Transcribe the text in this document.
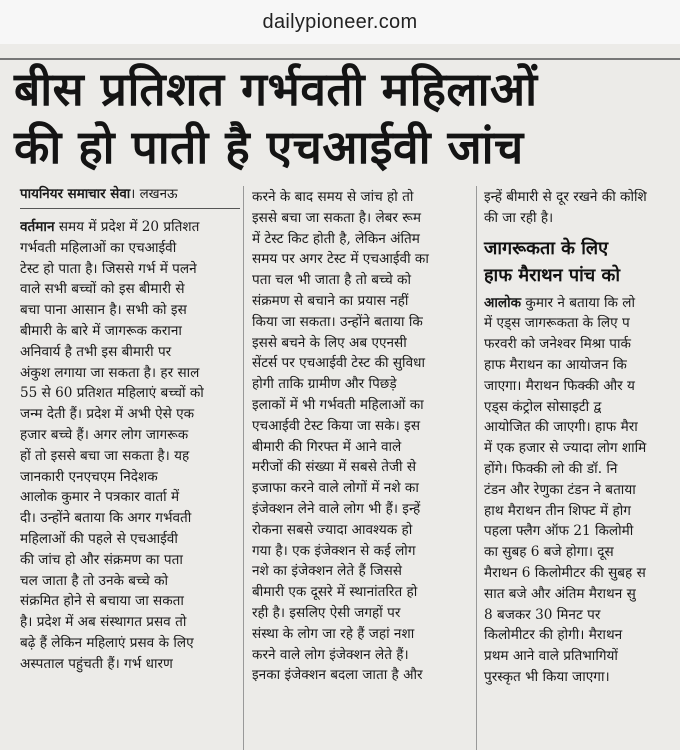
dailypioneer.com
बीस प्रतिशत गर्भवती महिलाओं
की हो पाती है एचआईवी जांच
पायनियर समाचार सेवा। लखनऊ
वर्तमान समय में प्रदेश में 20 प्रतिशत
गर्भवती महिलाओं का एचआईवी
टेस्ट हो पाता है। जिससे गर्भ में पलने
वाले सभी बच्चों को इस बीमारी से
बचा पाना आसान है। सभी को इस
बीमारी के बारे में जागरूक कराना
अनिवार्य है तभी इस बीमारी पर
अंकुश लगाया जा सकता है। हर साल
55 से 60 प्रतिशत महिलाएं बच्चों को
जन्म देती हैं। प्रदेश में अभी ऐसे एक
हजार बच्चे हैं। अगर लोग जागरूक
हों तो इससे बचा जा सकता है। यह
जानकारी एनएचएम निदेशक
आलोक कुमार ने पत्रकार वार्ता में
दी। उन्होंने बताया कि अगर गर्भवती
महिलाओं की पहले से एचआईवी
की जांच हो और संक्रमण का पता
चल जाता है तो उनके बच्चे को
संक्रमित होने से बचाया जा सकता
है। प्रदेश में अब संस्थागत प्रसव तो
बढ़े हैं लेकिन महिलाएं प्रसव के लिए
अस्पताल पहुंचती हैं। गर्भ धारण
करने के बाद समय से जांच हो तो
इससे बचा जा सकता है। लेबर रूम
में टेस्ट किट होती है, लेकिन अंतिम
समय पर अगर टेस्ट में एचआईवी का
पता चल भी जाता है तो बच्चे को
संक्रमण से बचाने का प्रयास नहीं
किया जा सकता। उन्होंने बताया कि
इससे बचने के लिए अब एएनसी
सेंटर्स पर एचआईवी टेस्ट की सुविधा
होगी ताकि ग्रामीण और पिछड़े
इलाकों में भी गर्भवती महिलाओं का
एचआईवी टेस्ट किया जा सके। इस
बीमारी की गिरफ्त में आने वाले
मरीजों की संख्या में सबसे तेजी से
इजाफा करने वाले लोगों में नशे का
इंजेक्शन लेने वाले लोग भी हैं। इन्हें
रोकना सबसे ज्यादा आवश्यक हो
गया है। एक इंजेक्शन से कई लोग
नशे का इंजेक्शन लेते हैं जिससे
बीमारी एक दूसरे में स्थानांतरित हो
रही है। इसलिए ऐसी जगहों पर
संस्था के लोग जा रहे हैं जहां नशा
करने वाले लोग इंजेक्शन लेते हैं।
इनका इंजेक्शन बदला जाता है और
इन्हें बीमारी से दूर रखने की कोशि
की जा रही है।
जागरूकता के लिए
हाफ मैराथन पांच को
आलोक कुमार ने बताया कि लो
में एड्स जागरूकता के लिए प
फरवरी को जनेश्वर मिश्रा पार्क
हाफ मैराथन का आयोजन कि
जाएगा। मैराथन फिक्की और य
एड्स कंट्रोल सोसाइटी द्व
आयोजित की जाएगी। हाफ मैरा
में एक हजार से ज्यादा लोग शामि
होंगे। फिक्की लो की डॉ. नि
टंडन और रेणुका टंडन ने बताया
हाथ मैराथन तीन शिफ्ट में होग
पहला फ्लैग ऑफ 21 किलोमी
का सुबह 6 बजे होगा। दूस
मैराथन 6 किलोमीटर की सुबह स
सात बजे और अंतिम मैराथन सु
8 बजकर 30 मिनट पर
किलोमीटर की होगी। मैराथन
प्रथम आने वाले प्रतिभागियों
पुरस्कृत भी किया जाएगा।
